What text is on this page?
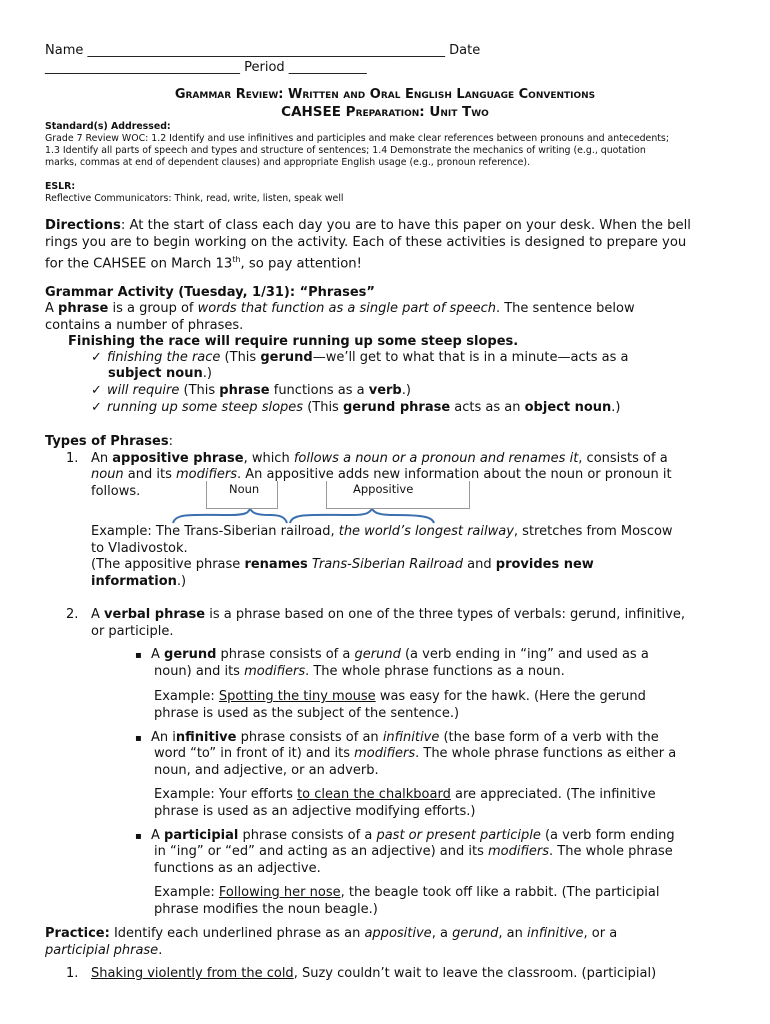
Name _______________________________________________________ Date
______________________________ Period ____________
Grammar Review: Written and Oral English Language Conventions
CAHSEE Preparation: Unit Two
Standard(s) Addressed:
Grade 7 Review WOC: 1.2 Identify and use infinitives and participles and make clear references between pronouns and antecedents;
1.3 Identify all parts of speech and types and structure of sentences; 1.4 Demonstrate the mechanics of writing (e.g., quotation
marks, commas at end of dependent clauses) and appropriate English usage (e.g., pronoun reference).
ESLR:
Reflective Communicators: Think, read, write, listen, speak well
Directions: At the start of class each day you are to have this paper on your desk. When the bell
rings you are to begin working on the activity. Each of these activities is designed to prepare you
for the CAHSEE on March 13th, so pay attention!
Grammar Activity (Tuesday, 1/31): “Phrases”
A phrase is a group of words that function as a single part of speech. The sentence below
contains a number of phrases.
Finishing the race will require running up some steep slopes.
✓ finishing the race (This gerund—we’ll get to what that is in a minute—acts as a
subject noun.)
✓ will require (This phrase functions as a verb.)
✓ running up some steep slopes (This gerund phrase acts as an object noun.)
Types of Phrases:
1. An appositive phrase, which follows a noun or a pronoun and renames it, consists of a
noun and its modifiers. An appositive adds new information about the noun or pronoun it
follows.	Noun	Appositive
Example: The Trans-Siberian railroad, the world’s longest railway, stretches from Moscow
to Vladivostok.
(The appositive phrase renames Trans-Siberian Railroad and provides new
information.)
2. A verbal phrase is a phrase based on one of the three types of verbals: gerund, infinitive,
or participle.
▪ A gerund phrase consists of a gerund (a verb ending in “ing” and used as a
noun) and its modifiers. The whole phrase functions as a noun.
Example: Spotting the tiny mouse was easy for the hawk. (Here the gerund
phrase is used as the subject of the sentence.)
▪ An infinitive phrase consists of an infinitive (the base form of a verb with the
word “to” in front of it) and its modifiers. The whole phrase functions as either a
noun, and adjective, or an adverb.
Example: Your efforts to clean the chalkboard are appreciated. (The infinitive
phrase is used as an adjective modifying efforts.)
▪ A participial phrase consists of a past or present participle (a verb form ending
in “ing” or “ed” and acting as an adjective) and its modifiers. The whole phrase
functions as an adjective.
Example: Following her nose, the beagle took off like a rabbit. (The participial
phrase modifies the noun beagle.)
Practice: Identify each underlined phrase as an appositive, a gerund, an infinitive, or a
participial phrase.
1. Shaking violently from the cold, Suzy couldn’t wait to leave the classroom. (participial)
